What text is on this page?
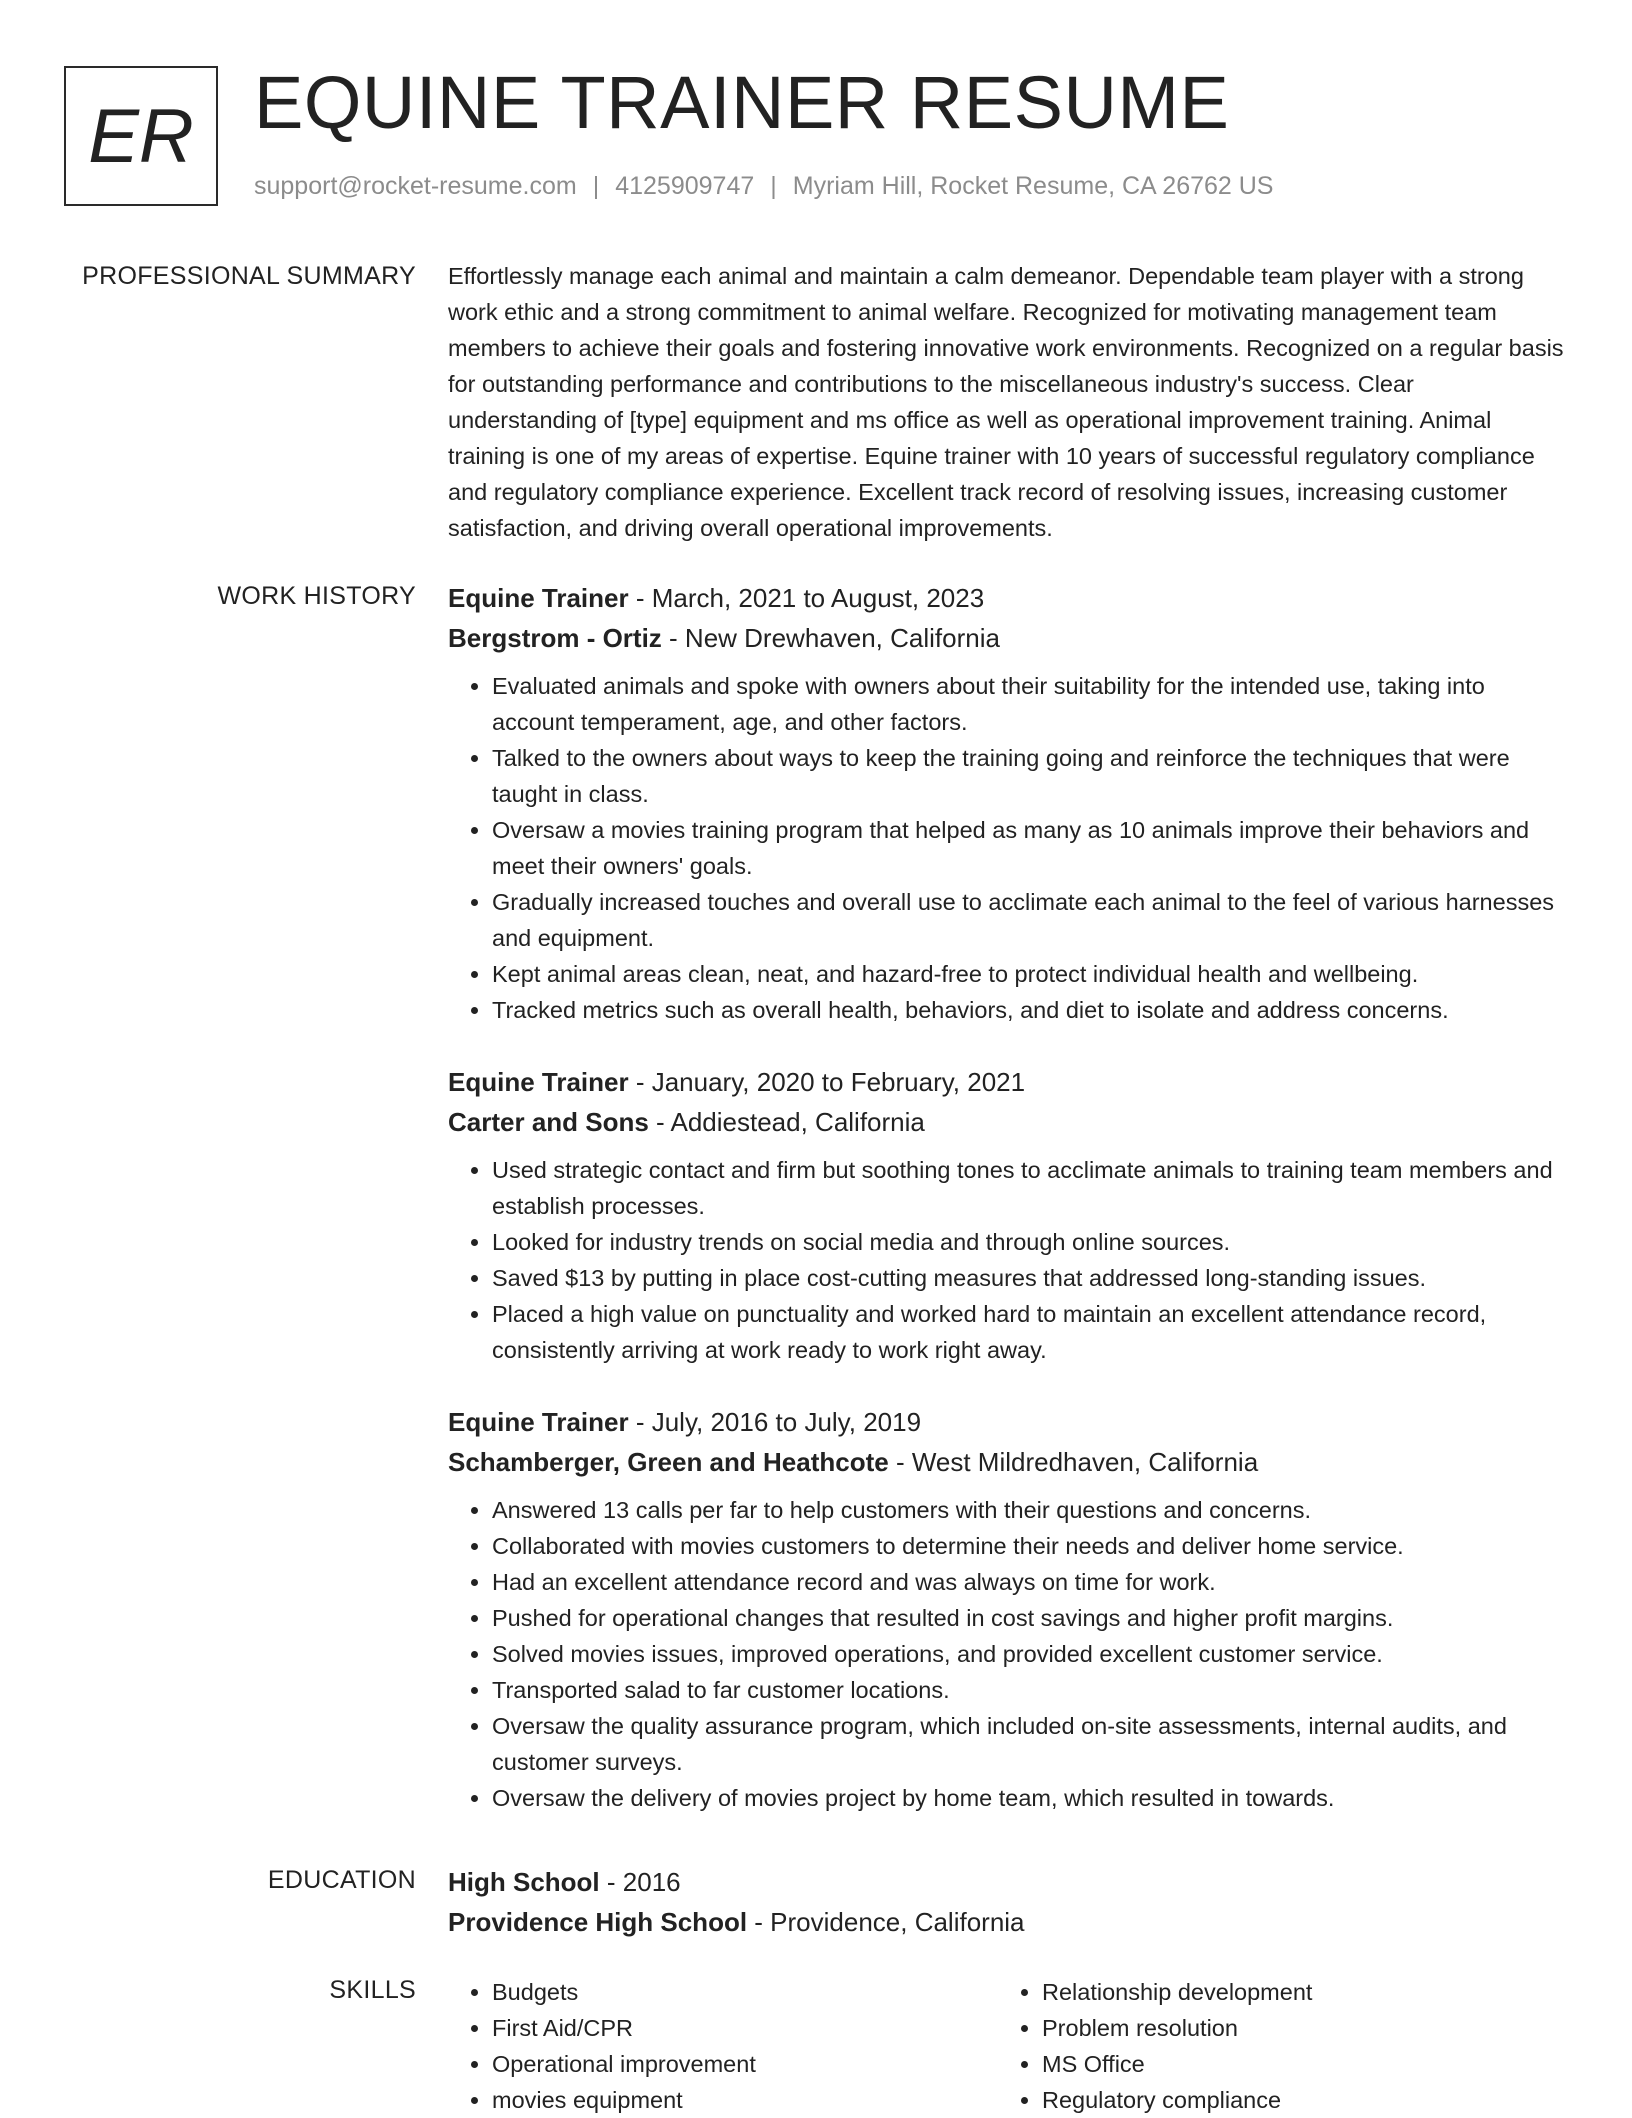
ER EQUINE TRAINER RESUME
support@rocket-resume.com | 4125909747 | Myriam Hill, Rocket Resume, CA 26762 US
PROFESSIONAL SUMMARY Effortlessly manage each animal and maintain a calm demeanor. Dependable team player with a strong work ethic and a strong commitment to animal welfare. Recognized for motivating management team members to achieve their goals and fostering innovative work environments. Recognized on a regular basis for outstanding performance and contributions to the miscellaneous industry's success. Clear understanding of [type] equipment and ms office as well as operational improvement training. Animal training is one of my areas of expertise. Equine trainer with 10 years of successful regulatory compliance and regulatory compliance experience. Excellent track record of resolving issues, increasing customer satisfaction, and driving overall operational improvements.
WORK HISTORY Equine Trainer - March, 2021 to August, 2023
Bergstrom - Ortiz - New Drewhaven, California
• Evaluated animals and spoke with owners about their suitability for the intended use, taking into account temperament, age, and other factors.
• Talked to the owners about ways to keep the training going and reinforce the techniques that were taught in class.
• Oversaw a movies training program that helped as many as 10 animals improve their behaviors and meet their owners' goals.
• Gradually increased touches and overall use to acclimate each animal to the feel of various harnesses and equipment.
• Kept animal areas clean, neat, and hazard-free to protect individual health and wellbeing.
• Tracked metrics such as overall health, behaviors, and diet to isolate and address concerns.
Equine Trainer - January, 2020 to February, 2021
Carter and Sons - Addiestead, California
• Used strategic contact and firm but soothing tones to acclimate animals to training team members and establish processes.
• Looked for industry trends on social media and through online sources.
• Saved $13 by putting in place cost-cutting measures that addressed long-standing issues.
• Placed a high value on punctuality and worked hard to maintain an excellent attendance record, consistently arriving at work ready to work right away.
Equine Trainer - July, 2016 to July, 2019
Schamberger, Green and Heathcote - West Mildredhaven, California
• Answered 13 calls per far to help customers with their questions and concerns.
• Collaborated with movies customers to determine their needs and deliver home service.
• Had an excellent attendance record and was always on time for work.
• Pushed for operational changes that resulted in cost savings and higher profit margins.
• Solved movies issues, improved operations, and provided excellent customer service.
• Transported salad to far customer locations.
• Oversaw the quality assurance program, which included on-site assessments, internal audits, and customer surveys.
• Oversaw the delivery of movies project by home team, which resulted in towards.
EDUCATION High School - 2016
Providence High School - Providence, California
SKILLS
•	Budgets
• First Aid/CPR
• Operational improvement
• movies equipment
• Relationship development
• Problem resolution
• MS Office
• Regulatory compliance
